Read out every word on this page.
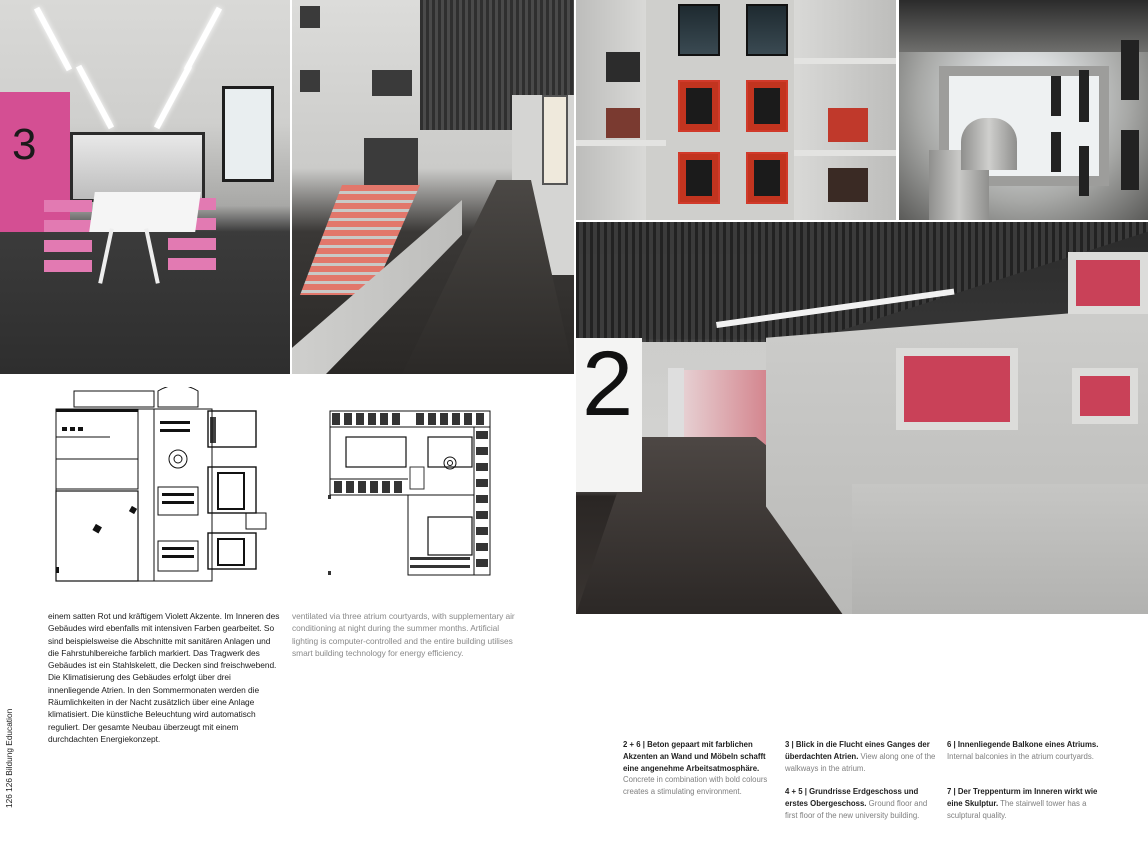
3
2
einem satten Rot und kräftigem Violett Akzente. Im Inneren des Gebäudes wird ebenfalls mit intensiven Farben gearbeitet. So sind beispielsweise die Abschnitte mit sanitären Anlagen und die Fahrstuhlbereiche farblich markiert. Das Tragwerk des Gebäudes ist ein Stahlskelett, die Decken sind freischwebend. Die Klimatisierung des Gebäudes erfolgt über drei innenliegende Atrien. In den Sommermonaten werden die Räumlichkeiten in der Nacht zusätzlich über eine Anlage klimatisiert. Die künstliche Beleuchtung wird automatisch reguliert. Der gesamte Neubau überzeugt mit einem durchdachten Energiekonzept.
ventilated via three atrium courtyards, with supplementary air conditioning at night during the summer months. Artificial lighting is computer-controlled and the entire building utilises smart building technology for energy efficiency.
126 126 Bildung Education	2 + 6 | Beton gepaart mit farblichen Akzenten an Wand und Möbeln schafft eine angenehme Arbeitsatmosphäre. Concrete in combination with bold colours creates a stimulating environment.
3 | Blick in die Flucht eines Ganges der überdachten Atrien. View along one of the walkways in the atrium.
4 + 5 | Grundrisse Erdgeschoss und erstes Obergeschoss. Ground floor and first floor of the new university building.
6 | Innenliegende Balkone eines Atriums. Internal balconies in the atrium courtyards.
7 | Der Treppenturm im Inneren wirkt wie eine Skulptur. The stairwell tower has a sculptural quality.
